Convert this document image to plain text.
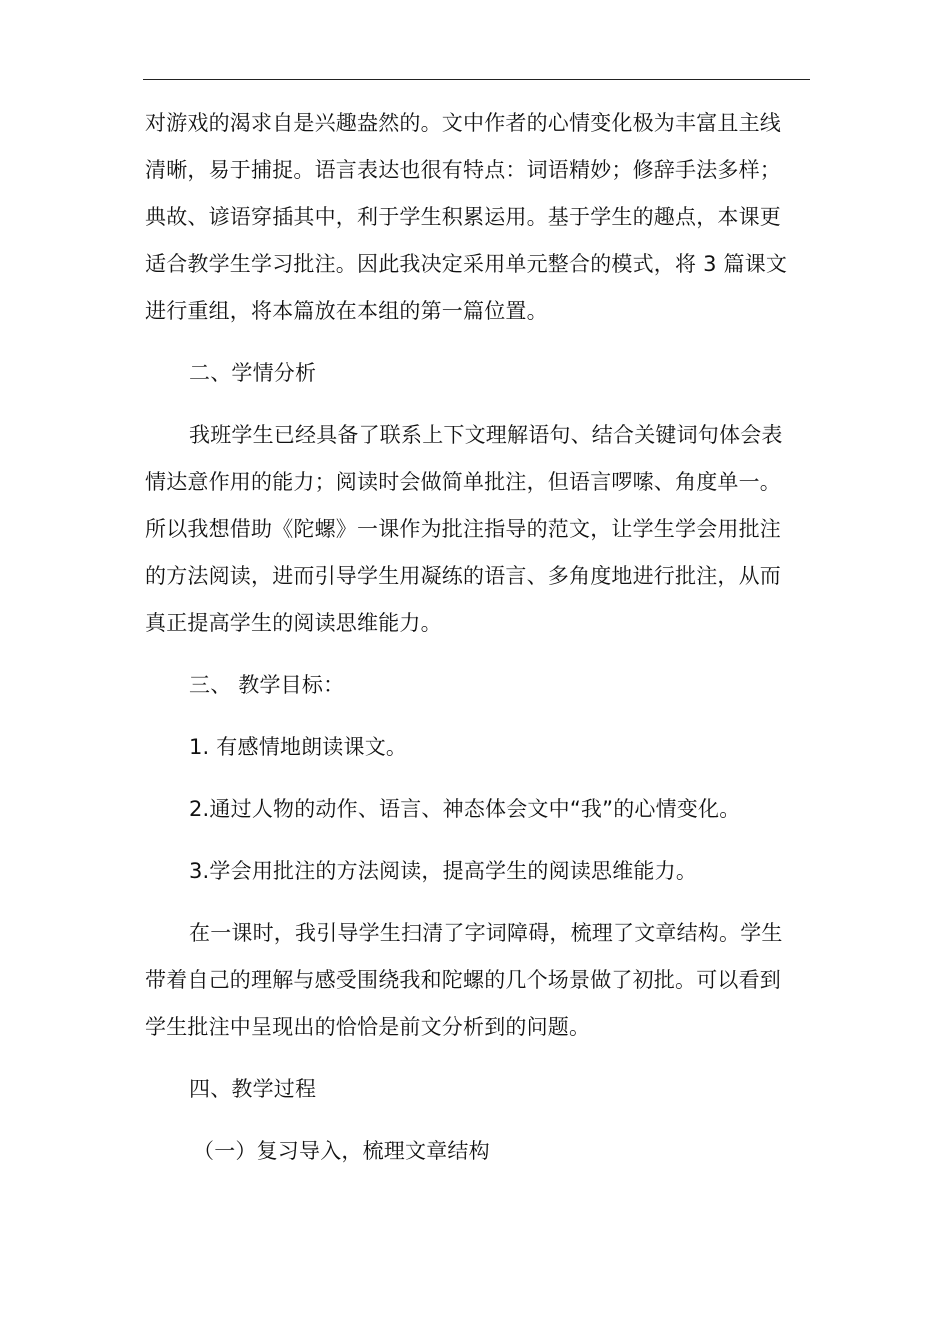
对游戏的渴求自是兴趣盎然的。文中作者的心情变化极为丰富且主线
清晰，易于捕捉。语言表达也很有特点：词语精妙；修辞手法多样；
典故、谚语穿插其中，利于学生积累运用。基于学生的趣点，本课更
适合教学生学习批注。因此我决定采用单元整合的模式，将 3 篇课文
进行重组，将本篇放在本组的第一篇位置。
二、学情分析
我班学生已经具备了联系上下文理解语句、结合关键词句体会表
情达意作用的能力；阅读时会做简单批注，但语言啰嗦、角度单一。
所以我想借助《陀螺》一课作为批注指导的范文，让学生学会用批注
的方法阅读，进而引导学生用凝练的语言、多角度地进行批注，从而
真正提高学生的阅读思维能力。
三、 教学目标：
1. 有感情地朗读课文。
2.通过人物的动作、语言、神态体会文中“我”的心情变化。
3.学会用批注的方法阅读，提高学生的阅读思维能力。
在一课时，我引导学生扫清了字词障碍，梳理了文章结构。学生
带着自己的理解与感受围绕我和陀螺的几个场景做了初批。可以看到
学生批注中呈现出的恰恰是前文分析到的问题。
四、教学过程
（一）复习导入，梳理文章结构
